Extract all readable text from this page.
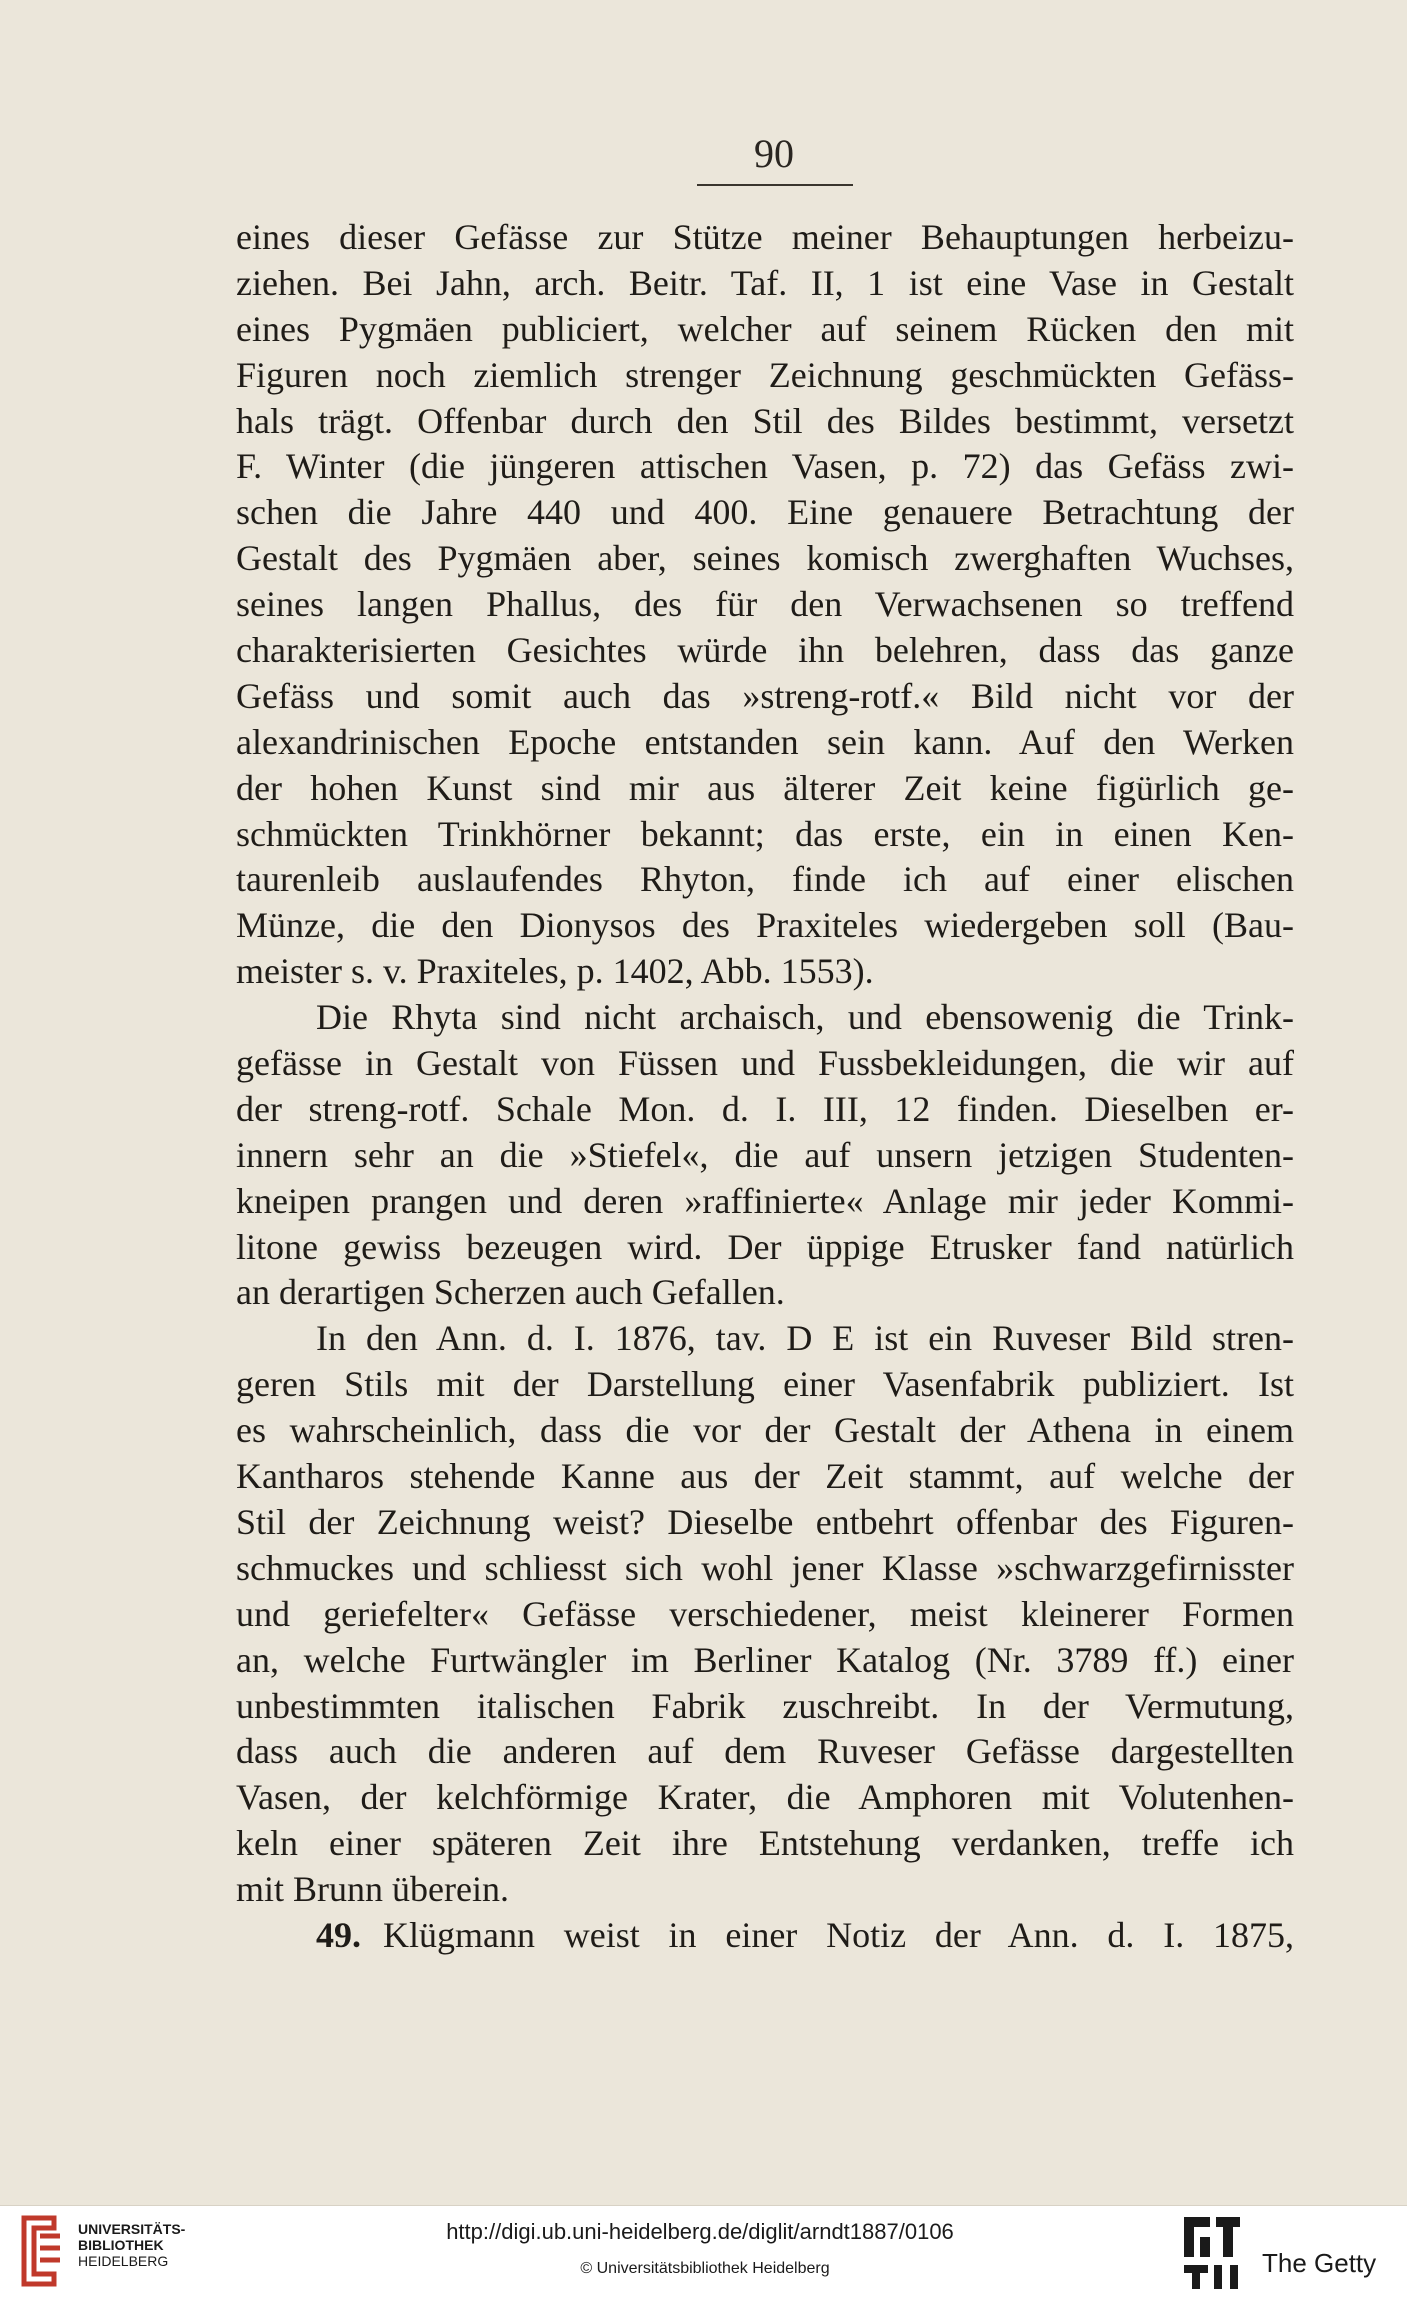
90
eines dieser Gefässe zur Stütze meiner Behauptungen herbeizu-
ziehen. Bei Jahn, arch. Beitr. Taf. II, 1 ist eine Vase in Gestalt
eines Pygmäen publiciert, welcher auf seinem Rücken den mit
Figuren noch ziemlich strenger Zeichnung geschmückten Gefäss-
hals trägt. Offenbar durch den Stil des Bildes bestimmt, versetzt
F. Winter (die jüngeren attischen Vasen, p. 72) das Gefäss zwi-
schen die Jahre 440 und 400. Eine genauere Betrachtung der
Gestalt des Pygmäen aber, seines komisch zwerghaften Wuchses,
seines langen Phallus, des für den Verwachsenen so treffend
charakterisierten Gesichtes würde ihn belehren, dass das ganze
Gefäss und somit auch das »streng-rotf.« Bild nicht vor der
alexandrinischen Epoche entstanden sein kann. Auf den Werken
der hohen Kunst sind mir aus älterer Zeit keine figürlich ge-
schmückten Trinkhörner bekannt; das erste, ein in einen Ken-
taurenleib auslaufendes Rhyton, finde ich auf einer elischen
Münze, die den Dionysos des Praxiteles wiedergeben soll (Bau-
meister s. v. Praxiteles, p. 1402, Abb. 1553).
Die Rhyta sind nicht archaisch, und ebensowenig die Trink-
gefässe in Gestalt von Füssen und Fussbekleidungen, die wir auf
der streng-rotf. Schale Mon. d. I. III, 12 finden. Dieselben er-
innern sehr an die »Stiefel«, die auf unsern jetzigen Studenten-
kneipen prangen und deren »raffinierte« Anlage mir jeder Kommi-
litone gewiss bezeugen wird. Der üppige Etrusker fand natürlich
an derartigen Scherzen auch Gefallen.
In den Ann. d. I. 1876, tav. D E ist ein Ruveser Bild stren-
geren Stils mit der Darstellung einer Vasenfabrik publiziert. Ist
es wahrscheinlich, dass die vor der Gestalt der Athena in einem
Kantharos stehende Kanne aus der Zeit stammt, auf welche der
Stil der Zeichnung weist? Dieselbe entbehrt offenbar des Figuren-
schmuckes und schliesst sich wohl jener Klasse »schwarzgefirnisster
und geriefelter« Gefässe verschiedener, meist kleinerer Formen
an, welche Furtwängler im Berliner Katalog (Nr. 3789 ff.) einer
unbestimmten italischen Fabrik zuschreibt. In der Vermutung,
dass auch die anderen auf dem Ruveser Gefässe dargestellten
Vasen, der kelchförmige Krater, die Amphoren mit Volutenhen-
keln einer späteren Zeit ihre Entstehung verdanken, treffe ich
mit Brunn überein.
49. Klügmann weist in einer Notiz der Ann. d. I. 1875,
UNIVERSITÄTS-
BIBLIOTHEK
HEIDELBERG
http://digi.ub.uni-heidelberg.de/diglit/arndt1887/0106
© Universitätsbibliothek Heidelberg	The Getty
